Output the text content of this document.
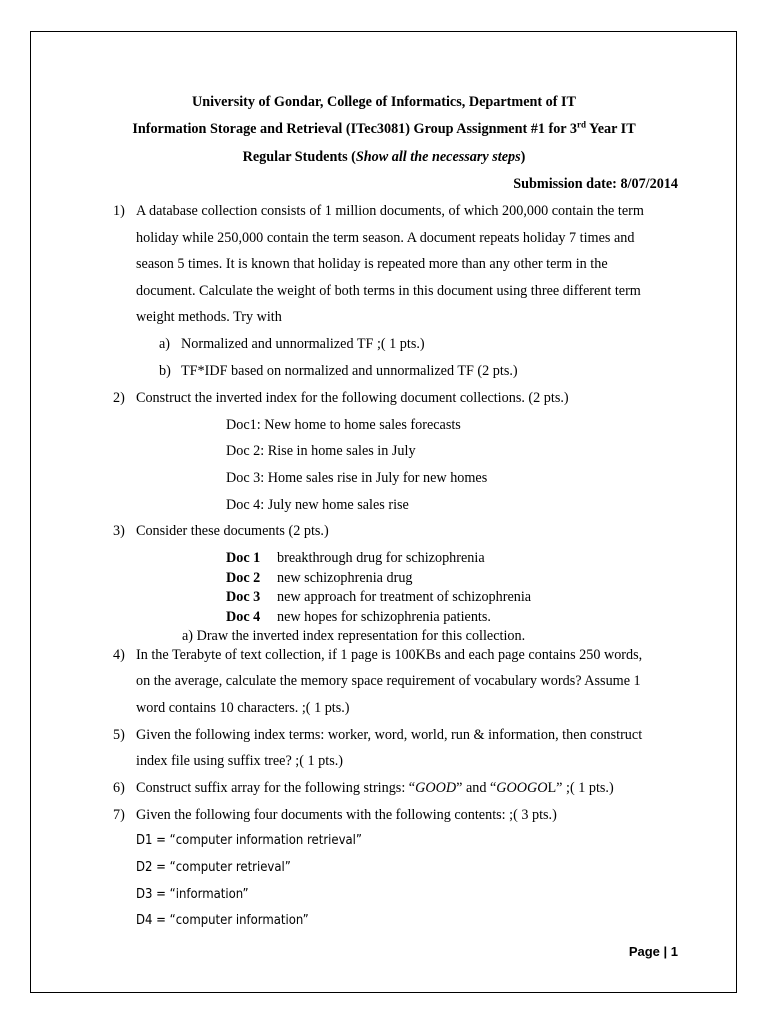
University of Gondar, College of Informatics, Department of IT
Information Storage and Retrieval (ITec3081) Group Assignment #1 for 3rd Year IT
Regular Students (Show all the necessary steps)
Submission date: 8/07/2014
1) A database collection consists of 1 million documents, of which 200,000 contain the term
holiday while 250,000 contain the term season. A document repeats holiday 7 times and
season 5 times. It is known that holiday is repeated more than any other term in the
document. Calculate the weight of both terms in this document using three different term
weight methods. Try with
a) Normalized and unnormalized TF ;( 1 pts.)
b) TF*IDF based on normalized and unnormalized TF (2 pts.)
2) Construct the inverted index for the following document collections. (2 pts.)
Doc1: New home to home sales forecasts
Doc 2: Rise in home sales in July
Doc 3: Home sales rise in July for new homes
Doc 4: July new home sales rise
3) Consider these documents (2 pts.)
Doc 1 breakthrough drug for schizophrenia
Doc 2 new schizophrenia drug
Doc 3 new approach for treatment of schizophrenia
Doc 4 new hopes for schizophrenia patients.
a) Draw the inverted index representation for this collection.
4) In the Terabyte of text collection, if 1 page is 100KBs and each page contains 250 words,
on the average, calculate the memory space requirement of vocabulary words? Assume 1
word contains 10 characters. ;( 1 pts.)
5) Given the following index terms: worker, word, world, run & information, then construct
index file using suffix tree? ;( 1 pts.)
6) Construct suffix array for the following strings: “GOOD” and “GOOGOL” ;( 1 pts.)
7) Given the following four documents with the following contents: ;( 3 pts.)
D1 = “computer information retrieval”
D2 = “computer retrieval”
D3 = “information”
D4 = “computer information”
Page | 1
